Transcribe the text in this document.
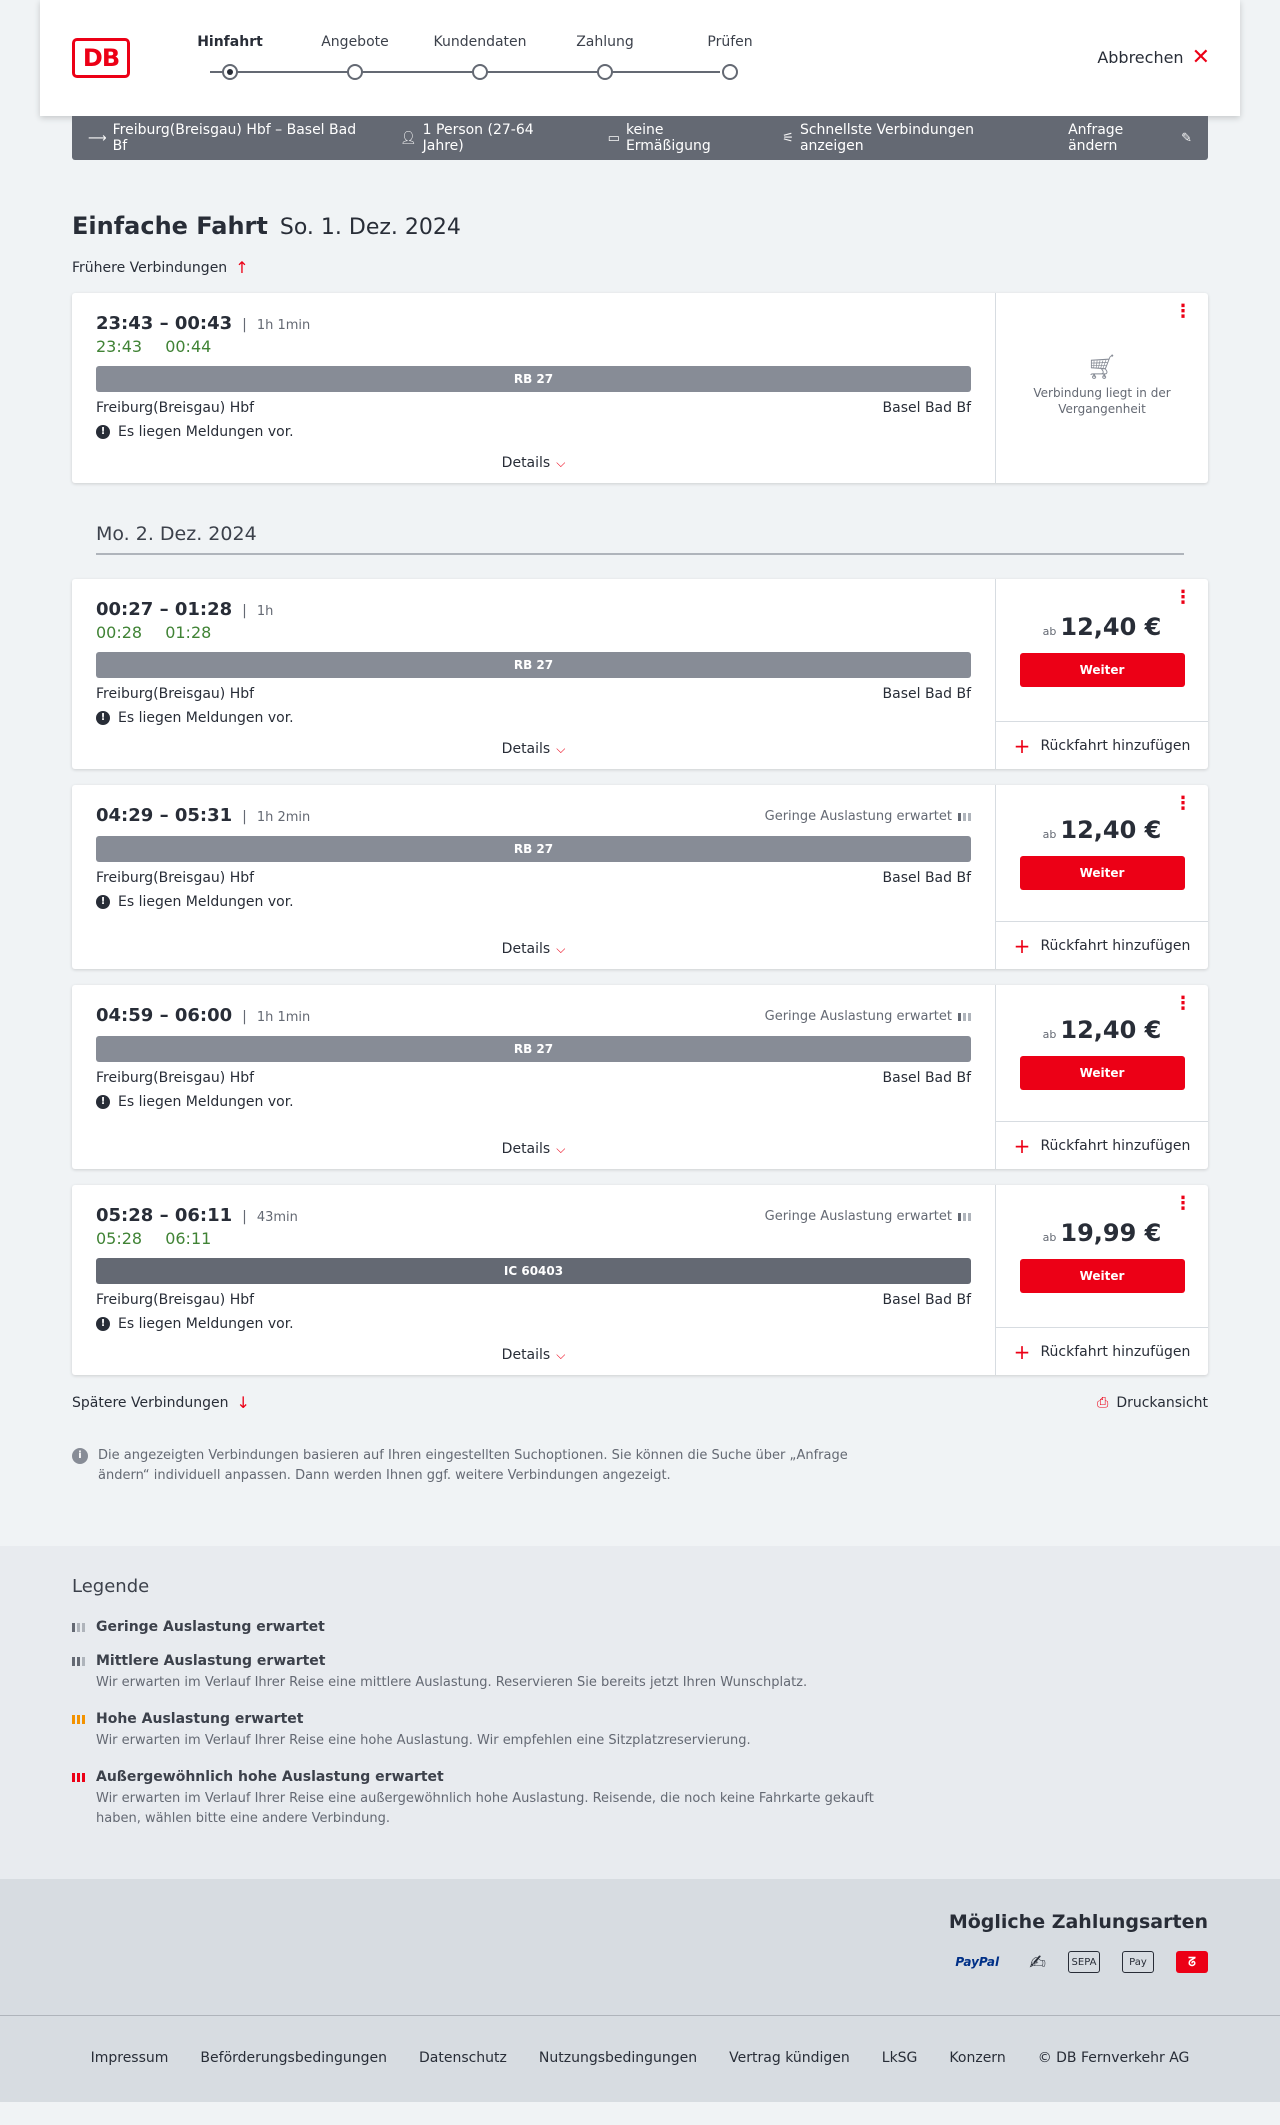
DB
Hinfahrt	Angebote	Kundendaten	Zahlung	Prüfen
Abbrechen ✕
⟶ Freiburg(Breisgau) Hbf – Basel Bad Bf	👤︎ 1 Person (27-64 Jahre)	▭ keine Ermäßigung	⚟ Schnellste Verbindungen anzeigen
Anfrage ändern	✎
Einfache Fahrt So. 1. Dez. 2024
Frühere Verbindungen ↑
23:43 – 00:43 | 1h 1min
23:43 00:44
RB 27
Freiburg(Breisgau) Hbf	Basel Bad Bf
! Es liegen Meldungen vor.
Details ⌵
⋮
🛒︎
Verbindung liegt in der Vergangenheit
Mo. 2. Dez. 2024
00:27 – 01:28 | 1h
00:28 01:28
RB 27
Freiburg(Breisgau) Hbf	Basel Bad Bf
! Es liegen Meldungen vor.
Details ⌵
⋮
ab 12,40 €
Weiter
+ Rückfahrt hinzufügen
04:29 – 05:31 | 1h 2min	Geringe Auslastung erwartet
RB 27
Freiburg(Breisgau) Hbf	Basel Bad Bf
! Es liegen Meldungen vor.
Details ⌵
⋮
ab 12,40 €
Weiter
+ Rückfahrt hinzufügen
04:59 – 06:00 | 1h 1min	Geringe Auslastung erwartet
RB 27
Freiburg(Breisgau) Hbf	Basel Bad Bf
! Es liegen Meldungen vor.
Details ⌵
⋮
ab 12,40 €
Weiter
+ Rückfahrt hinzufügen
05:28 – 06:11 | 43min
05:28 06:11
Geringe Auslastung erwartet
IC 60403
Freiburg(Breisgau) Hbf	Basel Bad Bf
! Es liegen Meldungen vor.
Details ⌵
⋮
ab 19,99 €
Weiter
+ Rückfahrt hinzufügen
Spätere Verbindungen ↓	⎙ Druckansicht
i	Die angezeigten Verbindungen basieren auf Ihren eingestellten Suchoptionen. Sie können die Suche über „Anfrage ändern“ individuell anpassen. Dann werden Ihnen ggf. weitere Verbindungen angezeigt.
Legende
Geringe Auslastung erwartet
Mittlere Auslastung erwartet
Wir erwarten im Verlauf Ihrer Reise eine mittlere Auslastung. Reservieren Sie bereits jetzt Ihren Wunschplatz.
Hohe Auslastung erwartet
Wir erwarten im Verlauf Ihrer Reise eine hohe Auslastung. Wir empfehlen eine Sitzplatzreservierung.
Außergewöhnlich hohe Auslastung erwartet
Wir erwarten im Verlauf Ihrer Reise eine außergewöhnlich hohe Auslastung. Reisende, die noch keine Fahrkarte gekauft haben, wählen bitte eine andere Verbindung.
Mögliche Zahlungsarten
PayPal	✍	SEPA	Pay	ᘔ
Impressum Beförderungsbedingungen Datenschutz Nutzungsbedingungen Vertrag kündigen LkSG Konzern © DB Fernverkehr AG
